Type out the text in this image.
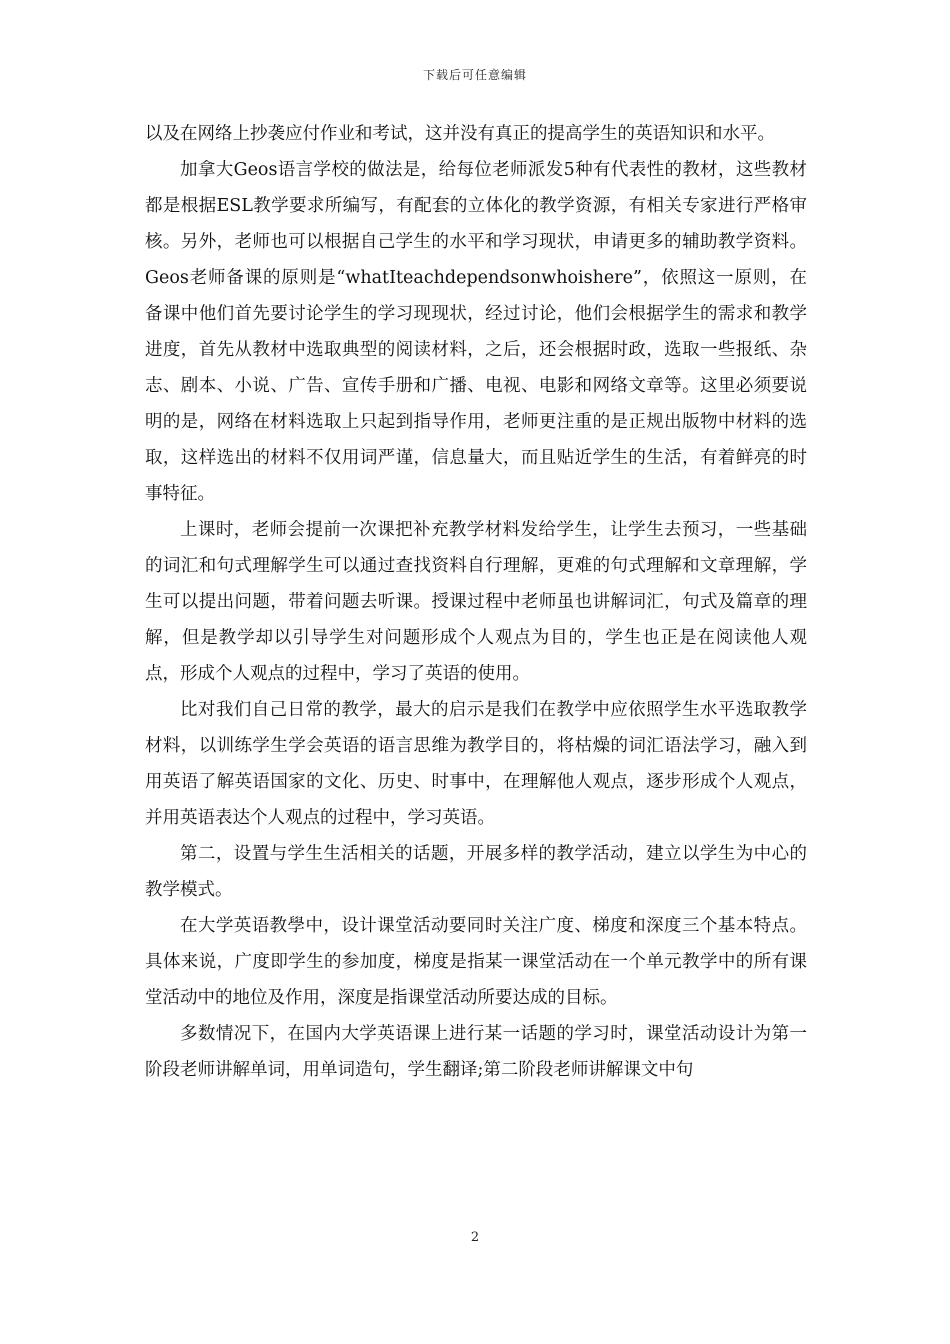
下载后可任意编辑

以及在网络上抄袭应付作业和考试，这并没有真正的提高学生的英语知识和水平。

加拿大Geos语言学校的做法是，给每位老师派发5种有代表性的教材，这些教材都是根据ESL教学要求所编写，有配套的立体化的教学资源，有相关专家进行严格审核。另外，老师也可以根据自己学生的水平和学习现状，申请更多的辅助教学资料。Geos老师备课的原则是“whatIteachdependsonwhoishere”，依照这一原则，在备课中他们首先要讨论学生的学习现现状，经过讨论，他们会根据学生的需求和教学进度，首先从教材中选取典型的阅读材料，之后，还会根据时政，选取一些报纸、杂志、剧本、小说、广告、宣传手册和广播、电视、电影和网络文章等。这里必须要说明的是，网络在材料选取上只起到指导作用，老师更注重的是正规出版物中材料的选取，这样选出的材料不仅用词严谨，信息量大，而且贴近学生的生活，有着鲜亮的时事特征。

上课时，老师会提前一次课把补充教学材料发给学生，让学生去预习，一些基础的词汇和句式理解学生可以通过查找资料自行理解，更难的句式理解和文章理解，学生可以提出问题，带着问题去听课。授课过程中老师虽也讲解词汇，句式及篇章的理解，但是教学却以引导学生对问题形成个人观点为目的，学生也正是在阅读他人观点，形成个人观点的过程中，学习了英语的使用。

比对我们自己日常的教学，最大的启示是我们在教学中应依照学生水平选取教学材料，以训练学生学会英语的语言思维为教学目的，将枯燥的词汇语法学习，融入到用英语了解英语国家的文化、历史、时事中，在理解他人观点，逐步形成个人观点，并用英语表达个人观点的过程中，学习英语。

第二，设置与学生生活相关的话题，开展多样的教学活动，建立以学生为中心的教学模式。

在大学英语教學中，设计课堂活动要同时关注广度、梯度和深度三个基本特点。具体来说，广度即学生的参加度，梯度是指某一课堂活动在一个单元教学中的所有课堂活动中的地位及作用，深度是指课堂活动所要达成的目标。

多数情况下，在国内大学英语课上进行某一话题的学习时，课堂活动设计为第一阶段老师讲解单词，用单词造句，学生翻译;第二阶段老师讲解课文中句

2
